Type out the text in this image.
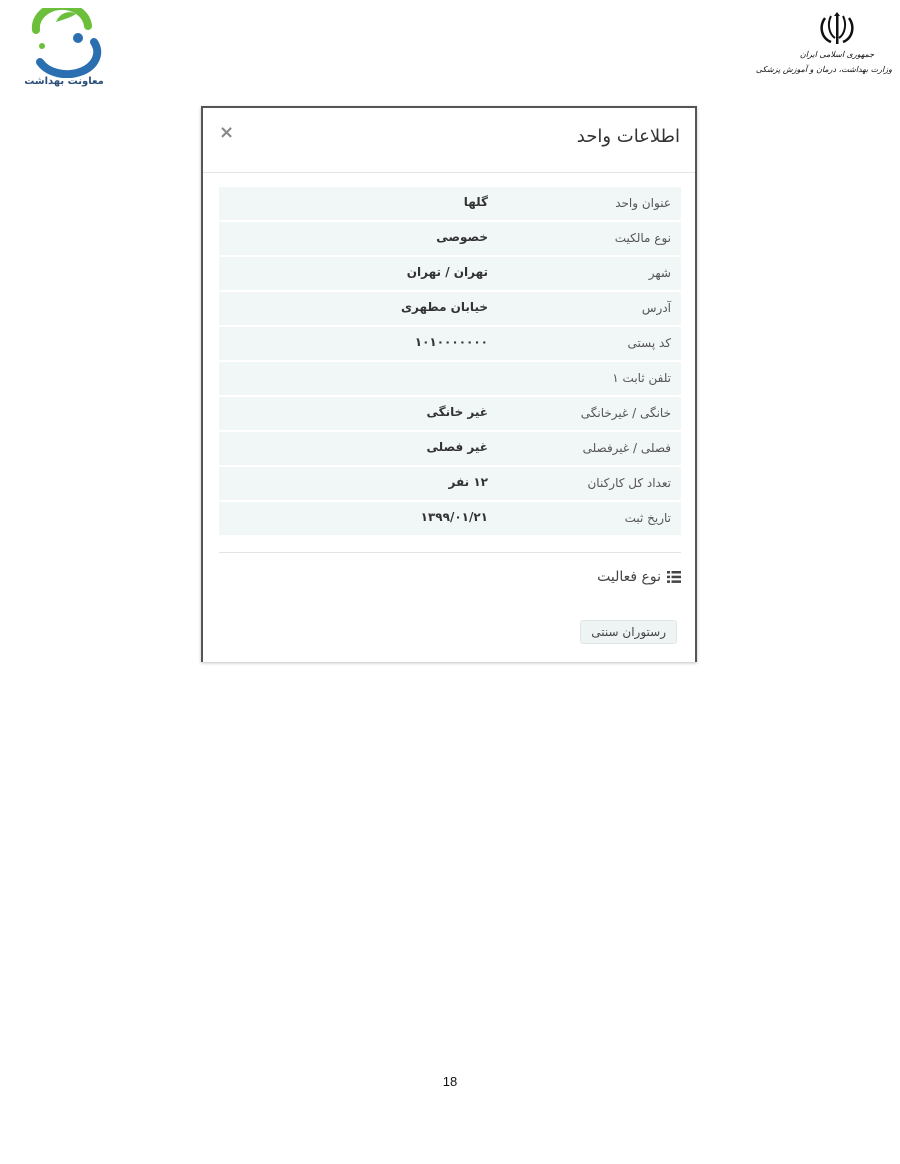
معاونت بهداشت
جمهوری اسلامی ایران
وزارت بهداشت، درمان و آموزش پزشکی
اطلاعات واحد
×
عنوان واحد
گلها
نوع مالکیت
خصوصی
شهر
تهران / تهران
آدرس
خیابان مطهری
کد پستی
۱۰۱۰۰۰۰۰۰۰
تلفن ثابت ۱
خانگی / غیرخانگی
غیر خانگی
فصلی / غیرفصلی
غیر فصلی
تعداد کل کارکنان
۱۲ نفر
تاریخ ثبت
۱۳۹۹/۰۱/۲۱
نوع فعالیت
رستوران سنتی
18
